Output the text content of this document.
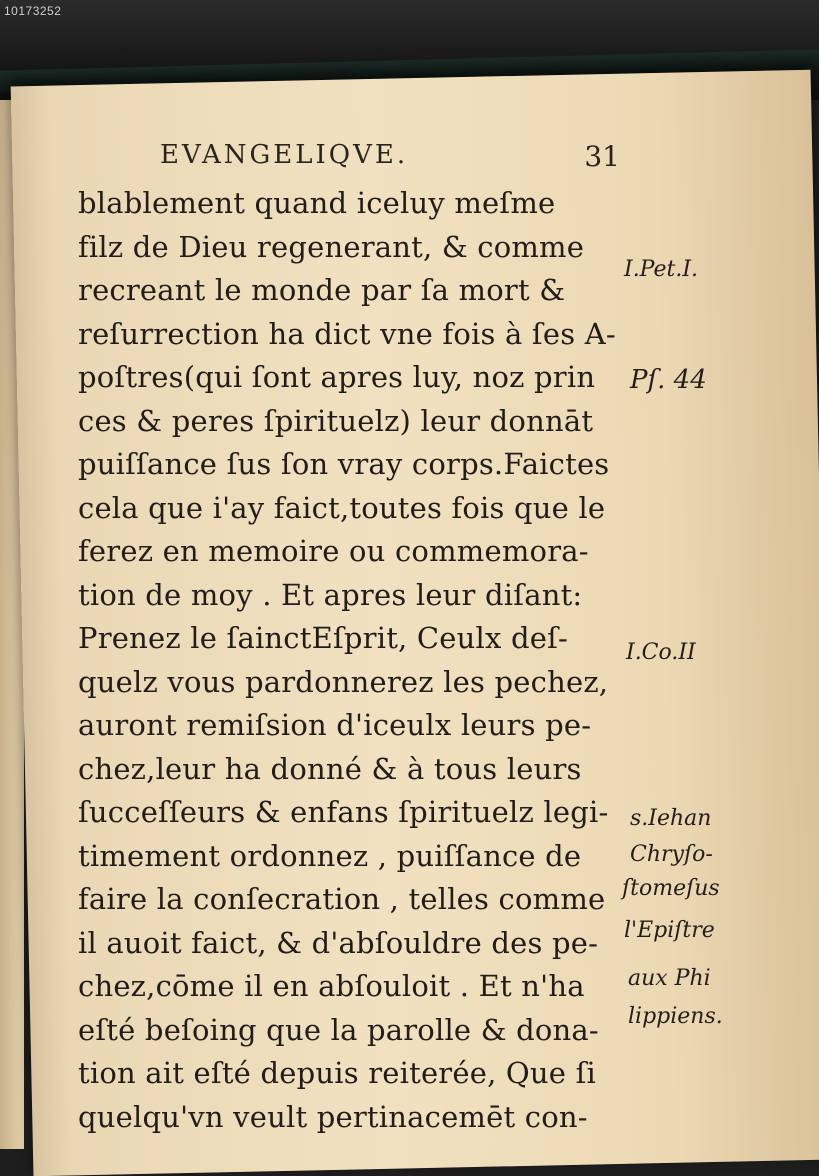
10173252
EVANGELIQVE.	31
blablement quand iceluy meſme
filz de Dieu regenerant, & comme
recreant le monde par ſa mort &
reſurrection ha dict vne fois à ſes A-
poſtres(qui ſont apres luy, noz prin
ces & peres ſpirituelz) leur donnāt
puiſſance ſus ſon vray corps.Faictes
cela que i'ay faict,toutes fois que le
ferez en memoire ou commemora-
tion de moy . Et apres leur diſant:
Prenez le ſainctEſprit, Ceulx deſ-
quelz vous pardonnerez les pechez,
auront remiſsion d'iceulx leurs pe-
chez,leur ha donné & à tous leurs
ſucceſſeurs & enfans ſpirituelz legi-
timement ordonnez , puiſſance de
faire la conſecration , telles comme
il auoit faict, & d'abſouldre des pe-
chez,cōme il en abſouloit . Et n'ha
eſté beſoing que la parolle & dona-
tion ait eſté depuis reiterée, Que ſi
quelqu'vn veult pertinacemēt con-
I.Pet.I.
Pſ. 44
I.Co.II
s.Iehan
Chryſo-
ſtomeſus
l'Epiſtre
aux Phi
lippiens.
